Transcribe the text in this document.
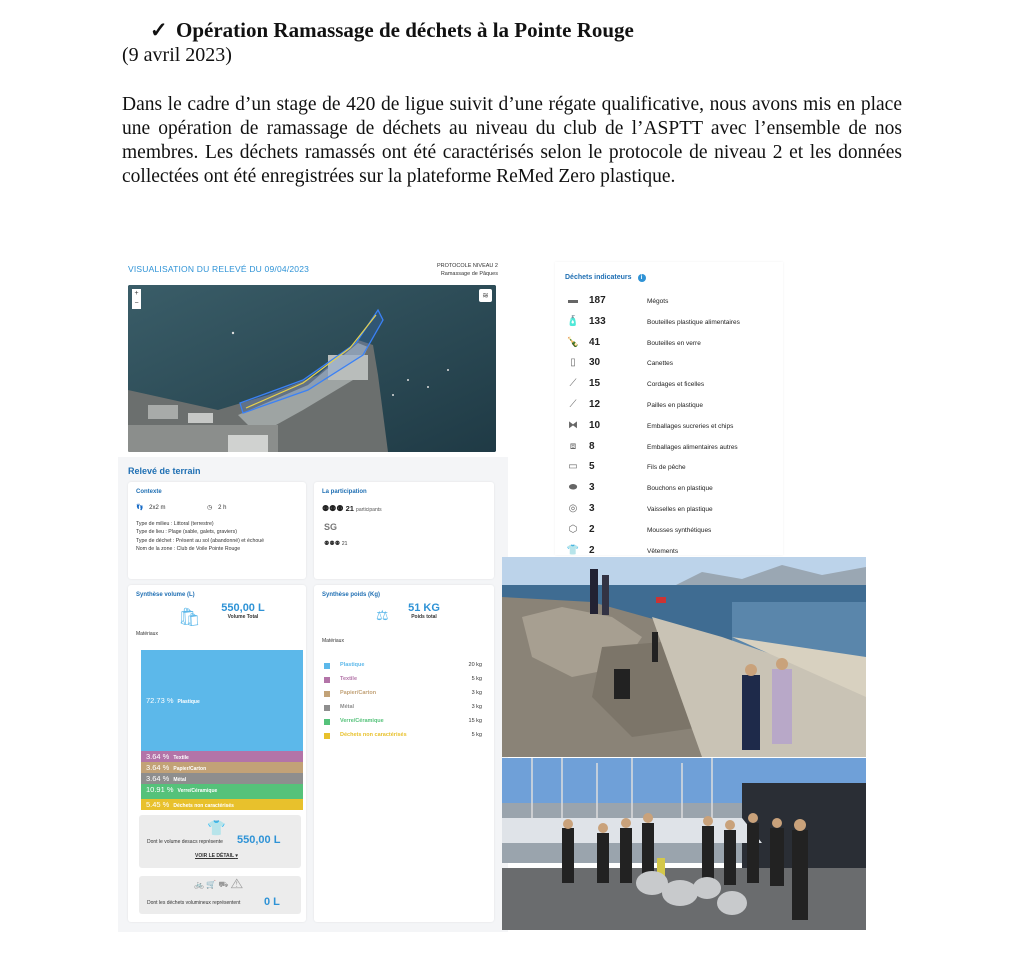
✓ Opération Ramassage de déchets à la Pointe Rouge
(9 avril 2023)

Dans le cadre d’un stage de 420 de ligue suivit d’une régate qualificative, nous avons mis en place une opération de ramassage de déchets au niveau du club de l’ASPTT avec l’ensemble de nos membres. Les déchets ramassés ont été caractérisés selon le protocole de niveau 2 et les données collectées ont été enregistrées sur la plateforme ReMed Zero plastique.

VISUALISATION DU RELEVÉ DU 09/04/2023	PROTOCOLE NIVEAU 2
Ramassage de Pâques
+
−
≋
Relevé de terrain
Contexte
👣 2x2 m	◷ 2 h
Type de milieu : Littoral (terrestre)
Type de lieu : Plage (sable, galets, graviers)
Type de déchet : Présent au sol (abandonné) et échoué
Nom de la zone : Club de Voile Pointe Rouge
La participation
⚉⚉⚉ 21 participants
SG
⚉⚉⚉ 21
Synthèse volume (L)
🛍	550,00 L
Volume Total
Matériaux
👕
Dont le volume desacs représente	550,00 L
VOIR LE DÉTAIL ▾
🚲 🛒 ⛟ ⚠
Dont les déchets volumineux représentent	0 L
72.73 % Plastique
3.64 % Textile
3.64 % Papier/Carton
3.64 % Métal
10.91 % Verre/Céramique
5.45 % Déchets non caractérisés
Synthèse poids (Kg)
⚖	51 KG
Poids total
Matériaux
Plastique	20 kg
Textile	5 kg
Papier/Carton	3 kg
Métal	3 kg
Verre/Céramique	15 kg
Déchets non caractérisés	5 kg
Déchets indicateurs i
▬ 187	Mégots
🧴 133	Bouteilles plastique alimentaires
🍾 41	Bouteilles en verre
▯	30	Canettes
⟋	15	Cordages et ficelles
⟋	12	Pailles en plastique
⧓ 10	Emballages sucreries et chips
⧈	8	Emballages alimentaires autres
▭ 5	Fils de pêche
⬬ 3	Bouchons en plastique
◎ 3	Vaisselles en plastique
⬡ 2	Mousses synthétiques
👕 2	Vêtements
